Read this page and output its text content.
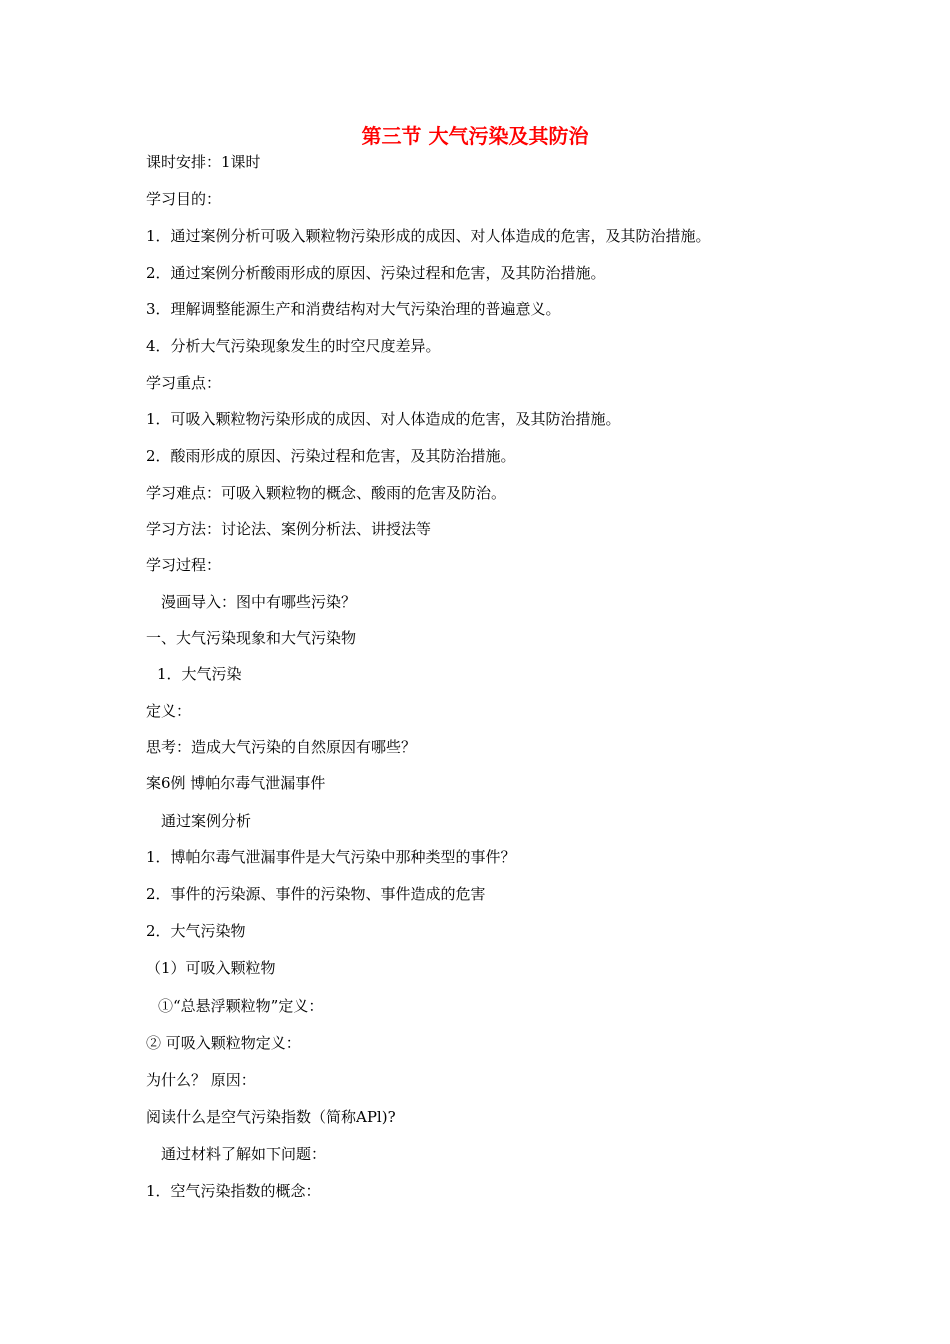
第三节 大气污染及其防治
课时安排：1课时
学习目的：
1．通过案例分析可吸入颗粒物污染形成的成因、对人体造成的危害，及其防治措施。
2．通过案例分析酸雨形成的原因、污染过程和危害，及其防治措施。
3．理解调整能源生产和消费结构对大气污染治理的普遍意义。
4．分析大气污染现象发生的时空尺度差异。
学习重点：
1．可吸入颗粒物污染形成的成因、对人体造成的危害，及其防治措施。
2．酸雨形成的原因、污染过程和危害，及其防治措施。
学习难点：可吸入颗粒物的概念、酸雨的危害及防治。
学习方法：讨论法、案例分析法、讲授法等
学习过程：
漫画导入：图中有哪些污染？
一、大气污染现象和大气污染物
1．大气污染
定义：
思考：造成大气污染的自然原因有哪些？
案6例 博帕尔毒气泄漏事件
通过案例分析
1．博帕尔毒气泄漏事件是大气污染中那种类型的事件？
2．事件的污染源、事件的污染物、事件造成的危害
2．大气污染物
（1）可吸入颗粒物
①“总悬浮颗粒物”定义：
② 可吸入颗粒物定义：
为什么？ 原因：
阅读什么是空气污染指数（简称APl)?
通过材料了解如下问题：
1．空气污染指数的概念：
